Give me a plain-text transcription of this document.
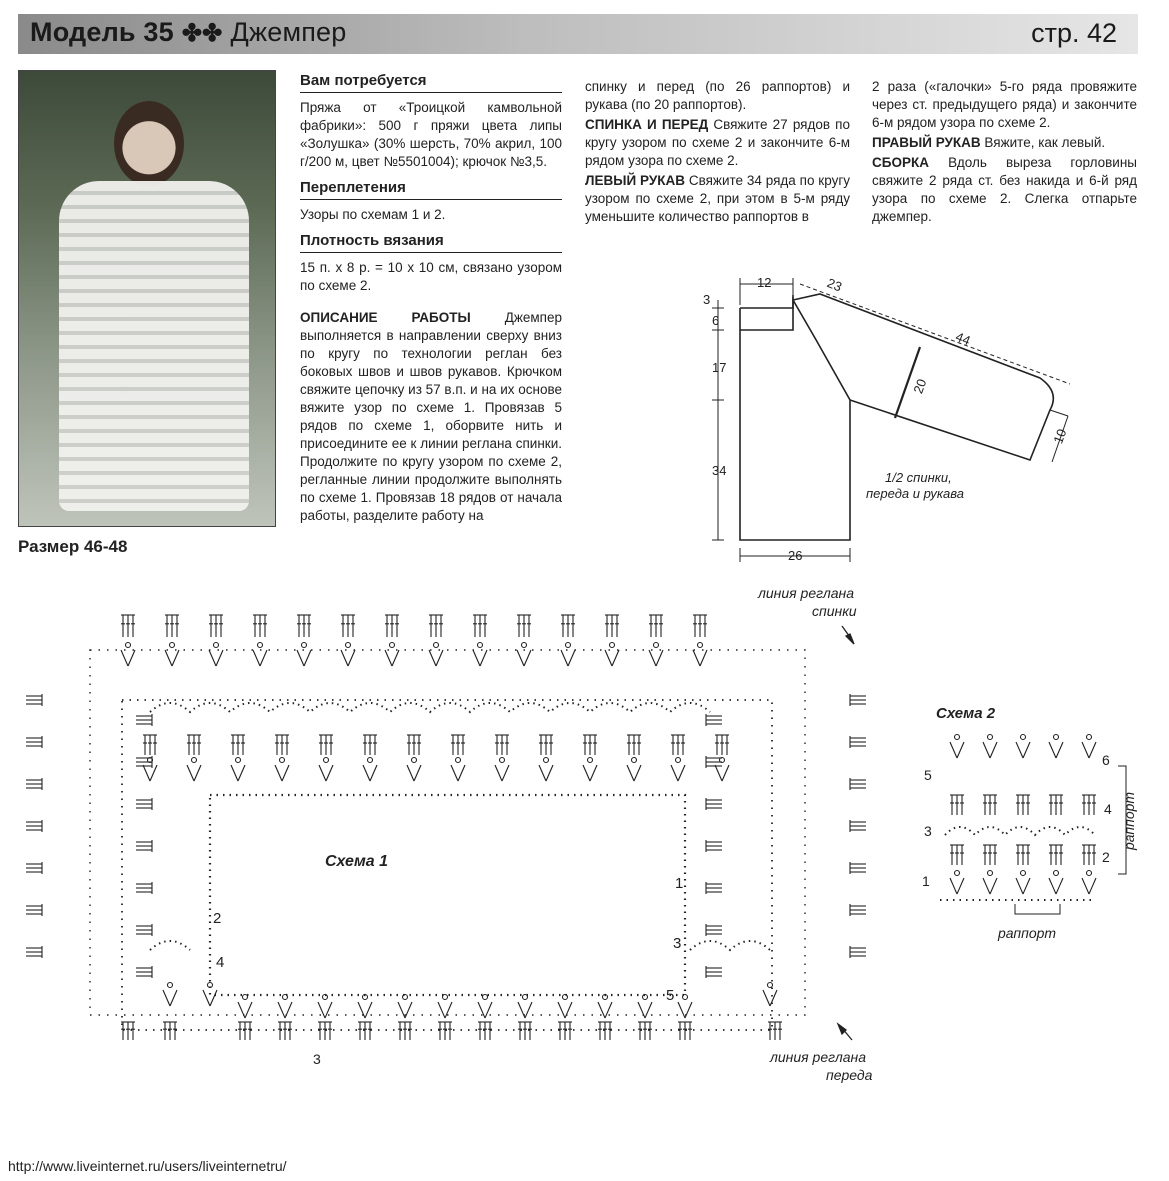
Модель 35 ✤✤ Джемпер	стр. 42
Размер 46-48
Вам потребуется
Пряжа от «Троицкой камвольной фабрики»: 500 г пряжи цвета липы «Золушка» (30% шерсть, 70% акрил, 100 г/200 м, цвет №5501004); крючок №3,5.
Переплетения
Узоры по схемам 1 и 2.
Плотность вязания
15 п. х 8 р. = 10 х 10 см, связано узором по схеме 2.
ОПИСАНИЕ РАБОТЫ	Джемпер выполняется в направлении сверху вниз по кругу по технологии реглан без боковых швов и швов рукавов. Крючком свяжите цепочку из 57 в.п. и на их основе вяжите узор по схеме 1. Провязав 5 рядов по схеме 1, оборвите нить и присоедините ее к линии реглана спинки. Продолжите по кругу узором по схеме 2, регланные линии продолжите выполнять по схеме 1. Провязав 18 рядов от начала работы, разделите работу на
спинку и перед (по 26 раппортов) и рукава (по 20 раппортов).
СПИНКА И ПЕРЕД Свяжите 27 рядов по кругу узором по схеме 2 и закончите 6-м рядом узора по схеме 2.
ЛЕВЫЙ РУКАВ Свяжите 34 ряда по кругу узором по схеме 2, при этом в 5-м ряду уменьшите количество раппортов в
2 раза («галочки» 5-го ряда провяжите через ст. предыдущего ряда) и закончите 6-м рядом узора по схеме 2.
ПРАВЫЙ РУКАВ Вяжите, как левый.
СБОРКА Вдоль выреза горловины свяжите 2 ряда ст. без накида и 6-й ряд узора по схеме 2. Слегка отпарьте джемпер.
12	23
44
3
6
17
20
10
34
26
1/2 спинки,
переда и рукава
Схема 1
линия реглана
спинки
линия реглана
переда
2
4
1
3
5
3
Схема 2
1
2
3
4
5
6
раппорт
раппорт
http://www.liveinternet.ru/users/liveinternetru/
